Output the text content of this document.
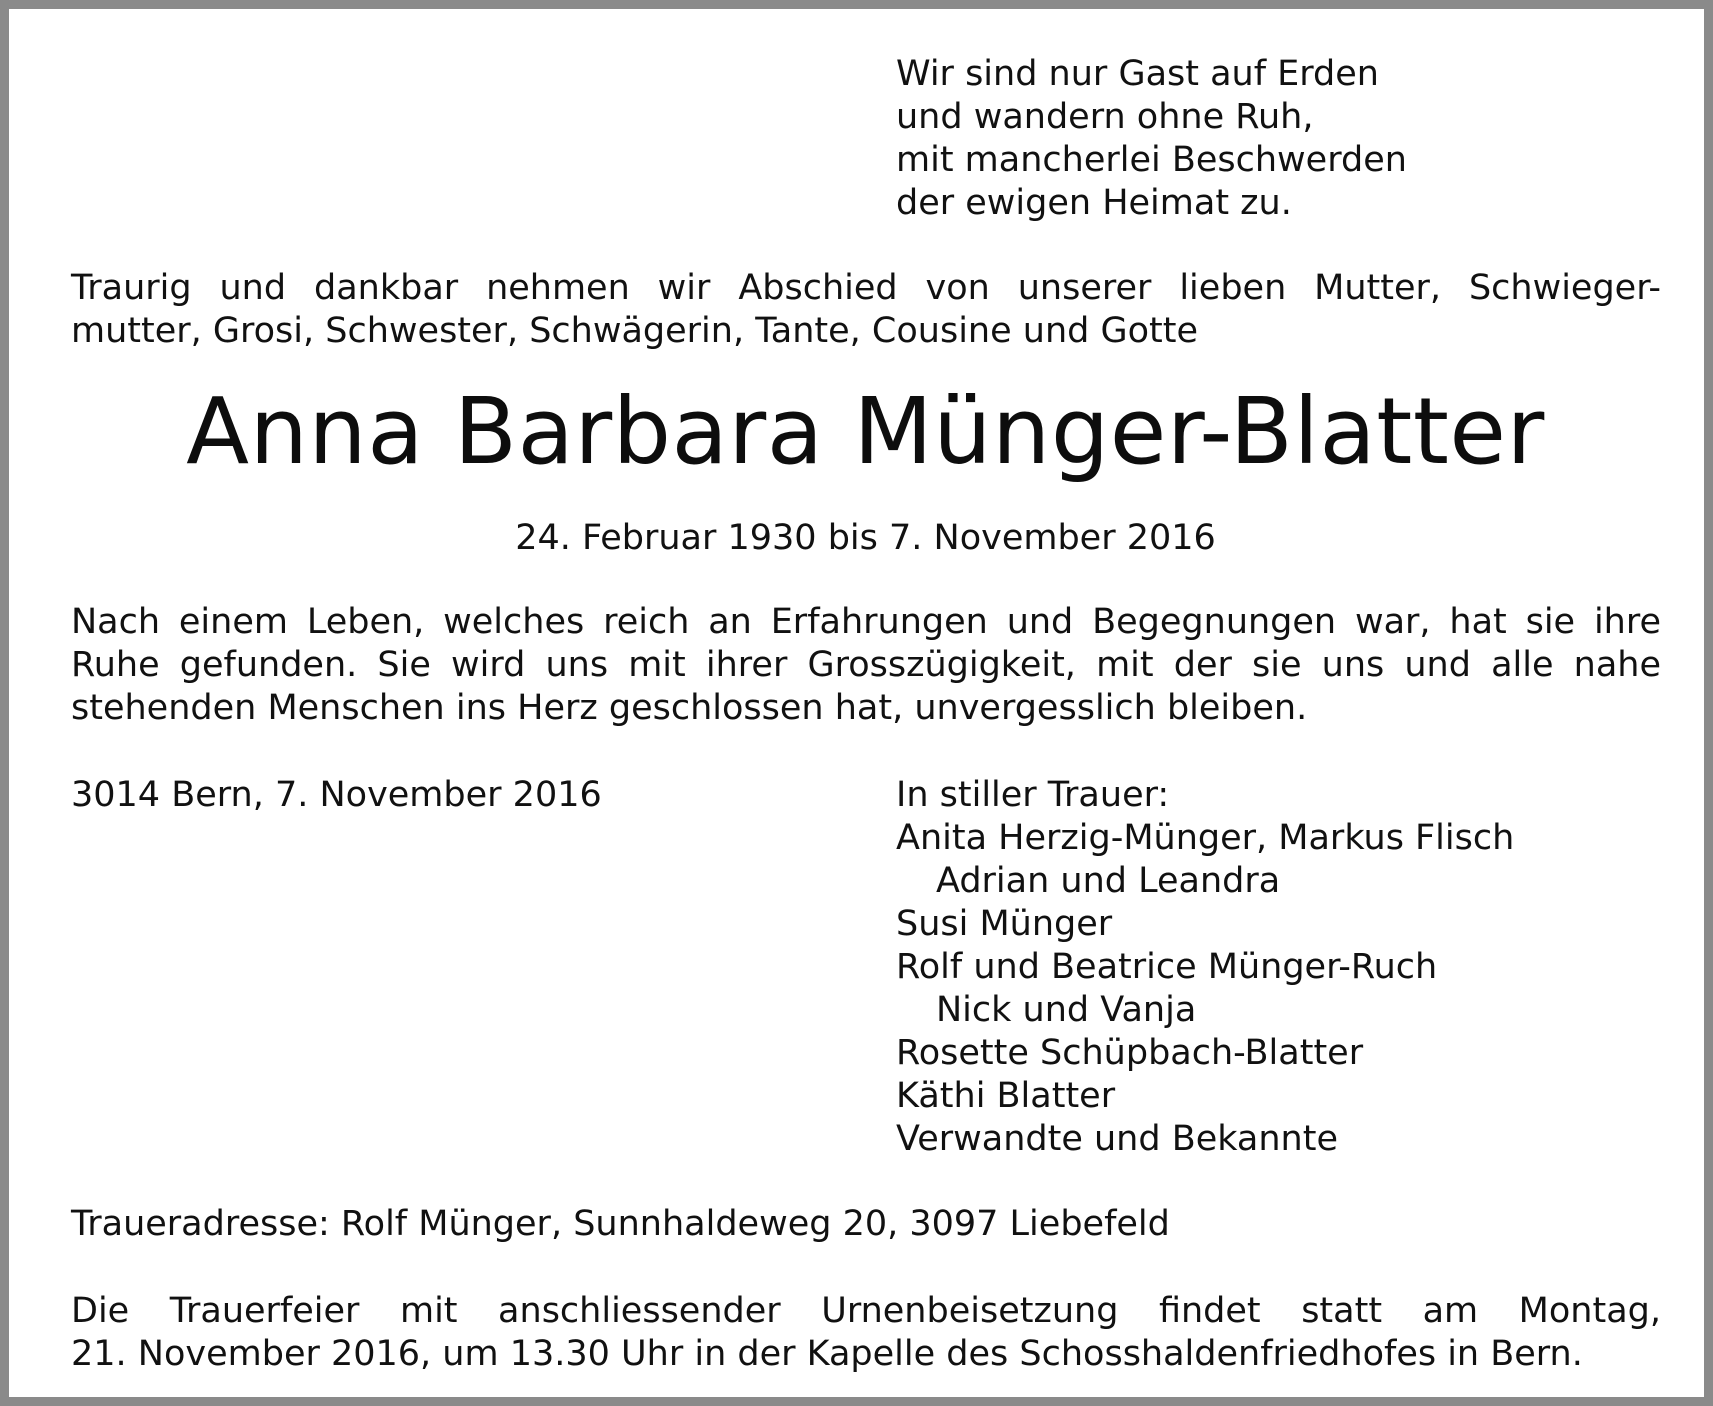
Wir sind nur Gast auf Erden
und wandern ohne Ruh,
mit mancherlei Beschwerden
der ewigen Heimat zu.
Traurig und dankbar nehmen wir Abschied von unserer lieben Mutter, Schwieger-
mutter, Grosi, Schwester, Schwägerin, Tante, Cousine und Gotte
Anna Barbara Münger-Blatter
24. Februar 1930 bis 7. November 2016
Nach einem Leben, welches reich an Erfahrungen und Begegnungen war, hat sie ihre
Ruhe gefunden. Sie wird uns mit ihrer Grosszügigkeit, mit der sie uns und alle nahe
stehenden Menschen ins Herz geschlossen hat, unvergesslich bleiben.
3014 Bern, 7. November 2016	In stiller Trauer:
Anita Herzig-Münger, Markus Flisch
Adrian und Leandra
Susi Münger
Rolf und Beatrice Münger-Ruch
Nick und Vanja
Rosette Schüpbach-Blatter
Käthi Blatter
Verwandte und Bekannte
Traueradresse: Rolf Münger, Sunnhaldeweg 20, 3097 Liebefeld
Die Trauerfeier mit anschliessender Urnenbeisetzung findet statt am Montag,
21. November 2016, um 13.30 Uhr in der Kapelle des Schosshaldenfriedhofes in Bern.
